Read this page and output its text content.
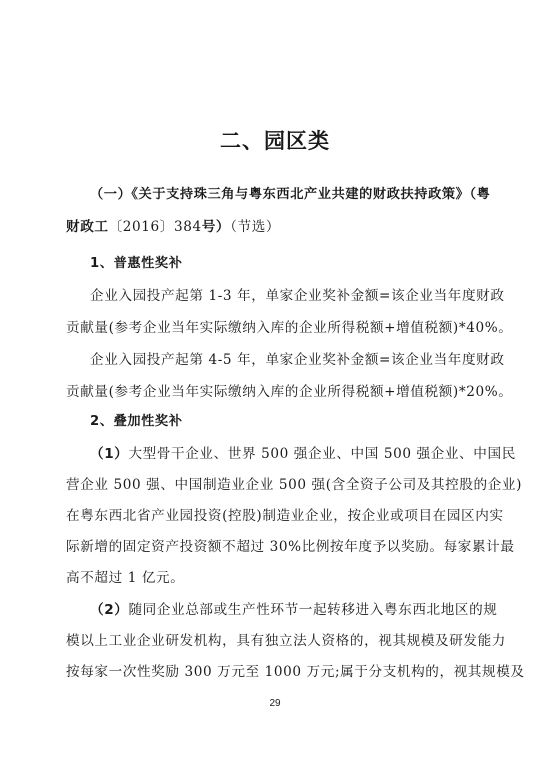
二、园区类
（一）《关于支持珠三角与粤东西北产业共建的财政扶持政策》（粤
财政工〔2016〕384号）（节选）
1、普惠性奖补
企业入园投产起第 1-3 年，单家企业奖补金额=该企业当年度财政
贡献量(参考企业当年实际缴纳入库的企业所得税额+增值税额)*40%。
企业入园投产起第 4-5 年，单家企业奖补金额=该企业当年度财政
贡献量(参考企业当年实际缴纳入库的企业所得税额+增值税额)*20%。
2、叠加性奖补
（1）大型骨干企业、世界 500 强企业、中国 500 强企业、中国民
营企业 500 强、中国制造业企业 500 强(含全资子公司及其控股的企业)
在粤东西北省产业园投资(控股)制造业企业，按企业或项目在园区内实
际新增的固定资产投资额不超过 30%比例按年度予以奖励。每家累计最
高不超过 1 亿元。
（2）随同企业总部或生产性环节一起转移进入粤东西北地区的规
模以上工业企业研发机构，具有独立法人资格的，视其规模及研发能力
按每家一次性奖励 300 万元至 1000 万元;属于分支机构的，视其规模及
29
